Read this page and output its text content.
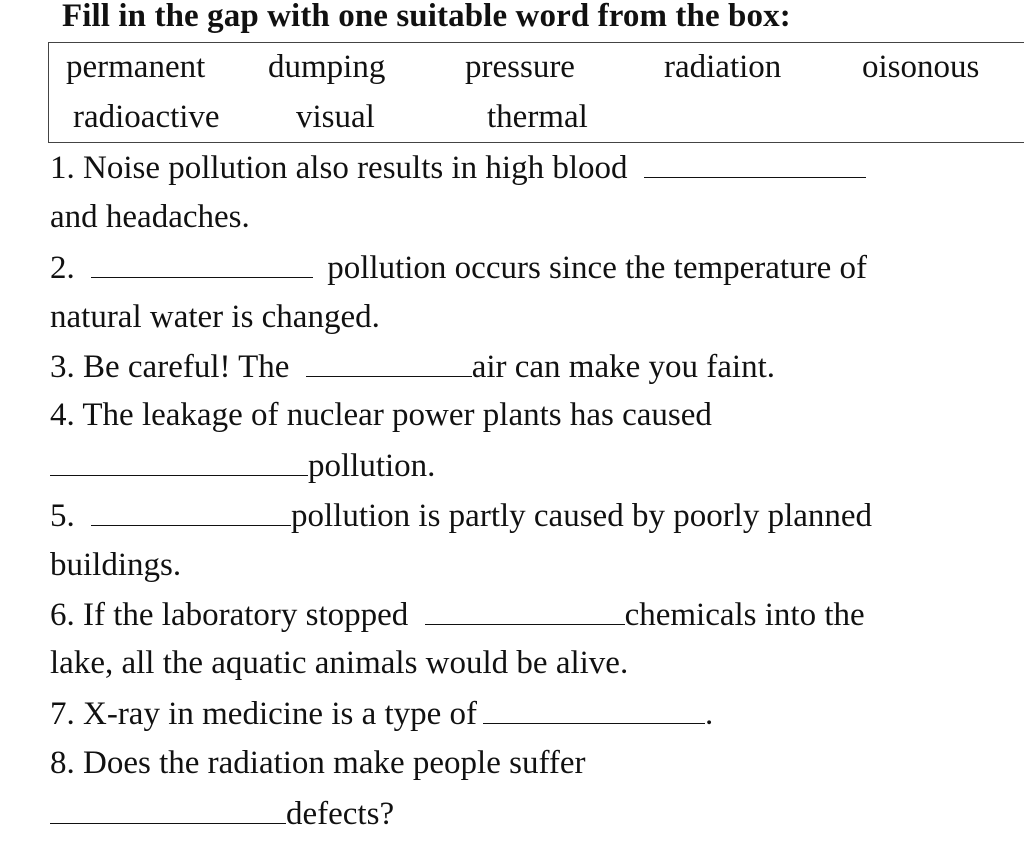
Fill in the gap with one suitable word from the box:
permanent dumping pressure	radiation oisonous
radioactive visual	thermal
1. Noise pollution also results in high blood
and headaches.
2.	pollution occurs since the temperature of
natural water is changed.
3. Be careful! The	air can make you faint.
4. The leakage of nuclear power plants has caused
pollution.
5.	pollution is partly caused by poorly planned
buildings.
6. If the laboratory stopped	chemicals into the
lake, all the aquatic animals would be alive.
7. X-ray in medicine is a type of	.
8. Does the radiation make people suffer
defects?
